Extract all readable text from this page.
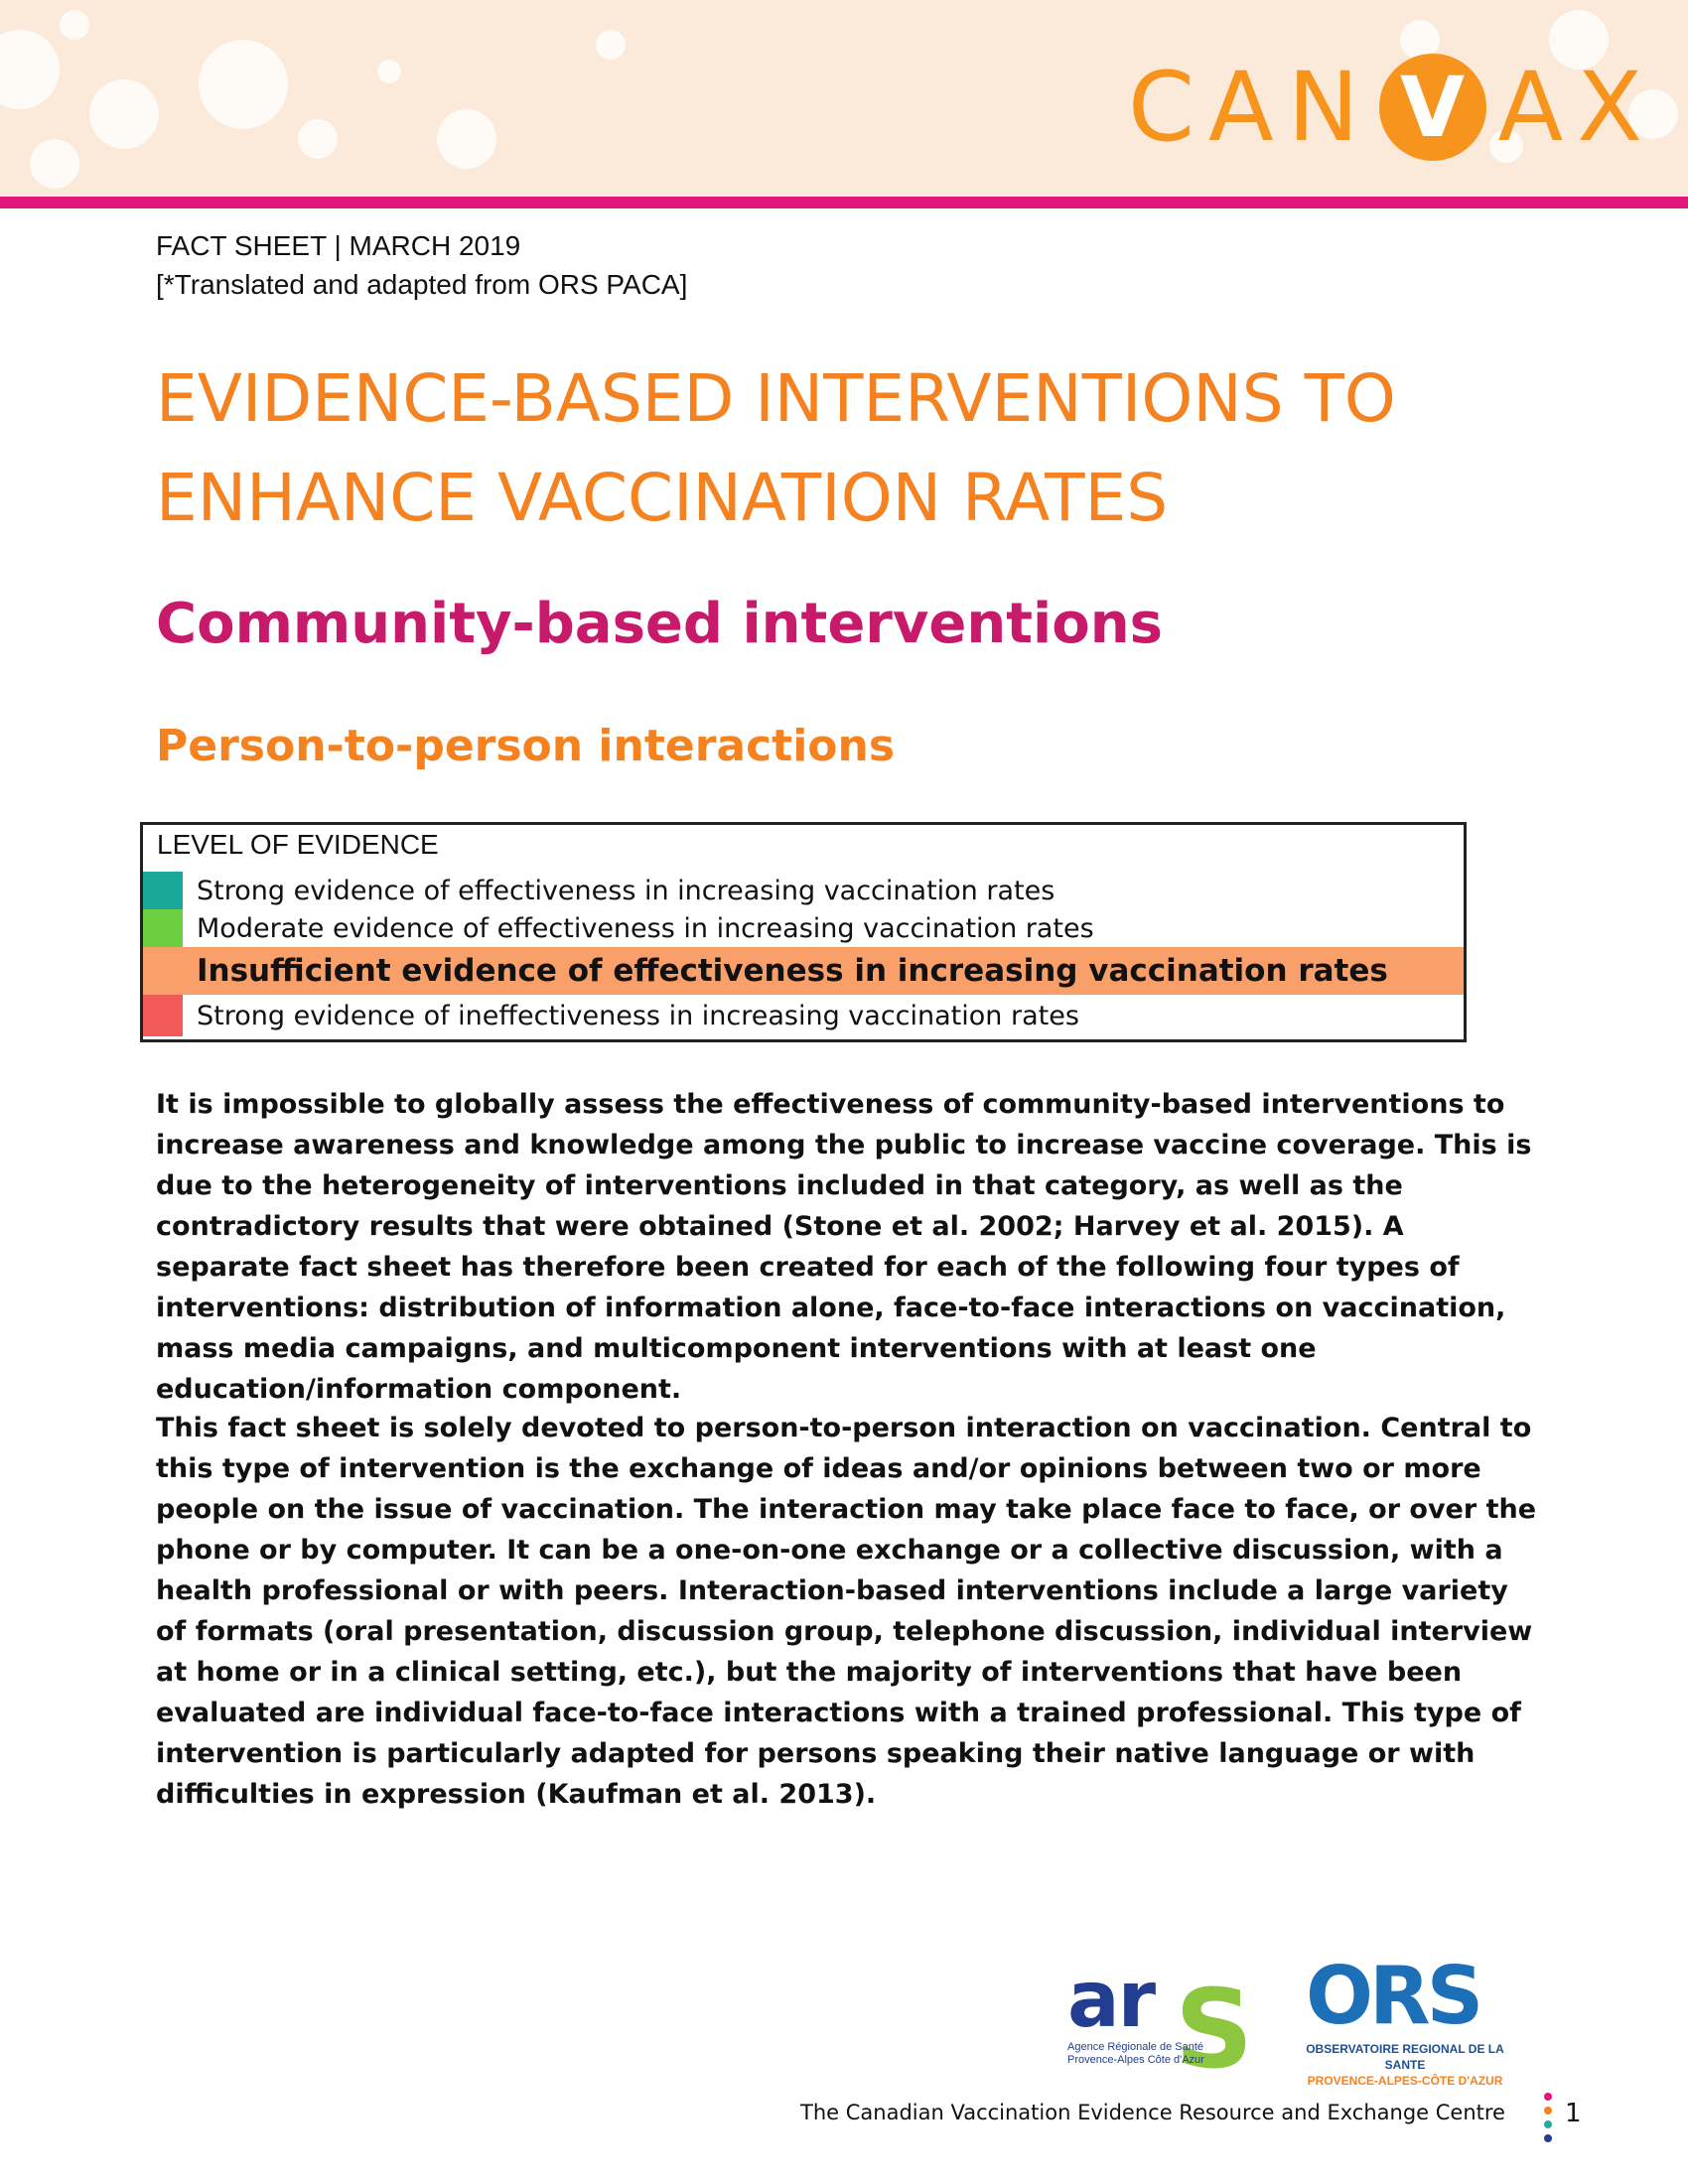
CAN V AX
FACT SHEET | MARCH 2019
[*Translated and adapted from ORS PACA]
EVIDENCE-BASED INTERVENTIONS TO
ENHANCE VACCINATION RATES
Community-based interventions
Person-to-person interactions
LEVEL OF EVIDENCE
Strong evidence of effectiveness in increasing vaccination rates
Moderate evidence of effectiveness in increasing vaccination rates
Insufficient evidence of effectiveness in increasing vaccination rates
Strong evidence of ineffectiveness in increasing vaccination rates

It is impossible to globally assess the effectiveness of community-based interventions to increase awareness and knowledge among the public to increase vaccine coverage. This is due to the heterogeneity of interventions included in that category, as well as the contradictory results that were obtained (Stone et al. 2002; Harvey et al. 2015). A separate fact sheet has therefore been created for each of the following four types of interventions: distribution of information alone, face-to-face interactions on vaccination, mass media campaigns, and multicomponent interventions with at least one education/information component.

This fact sheet is solely devoted to person-to-person interaction on vaccination. Central to this type of intervention is the exchange of ideas and/or opinions between two or more people on the issue of vaccination. The interaction may take place face to face, or over the phone or by computer. It can be a one-on-one exchange or a collective discussion, with a health professional or with peers. Interaction-based interventions include a large variety of formats (oral presentation, discussion group, telephone discussion, individual interview at home or in a clinical setting, etc.), but the majority of interventions that have been evaluated are individual face-to-face interactions with a trained professional. This type of intervention is particularly adapted for persons speaking their native language or with difficulties in expression (Kaufman et al. 2013).

ar S
Agence Régionale de Santé Provence-Alpes Côte d'Azur
ORS
OBSERVATOIRE REGIONAL DE LA SANTE
PROVENCE-ALPES-CÔTE D'AZUR
The Canadian Vaccination Evidence Resource and Exchange Centre 1
